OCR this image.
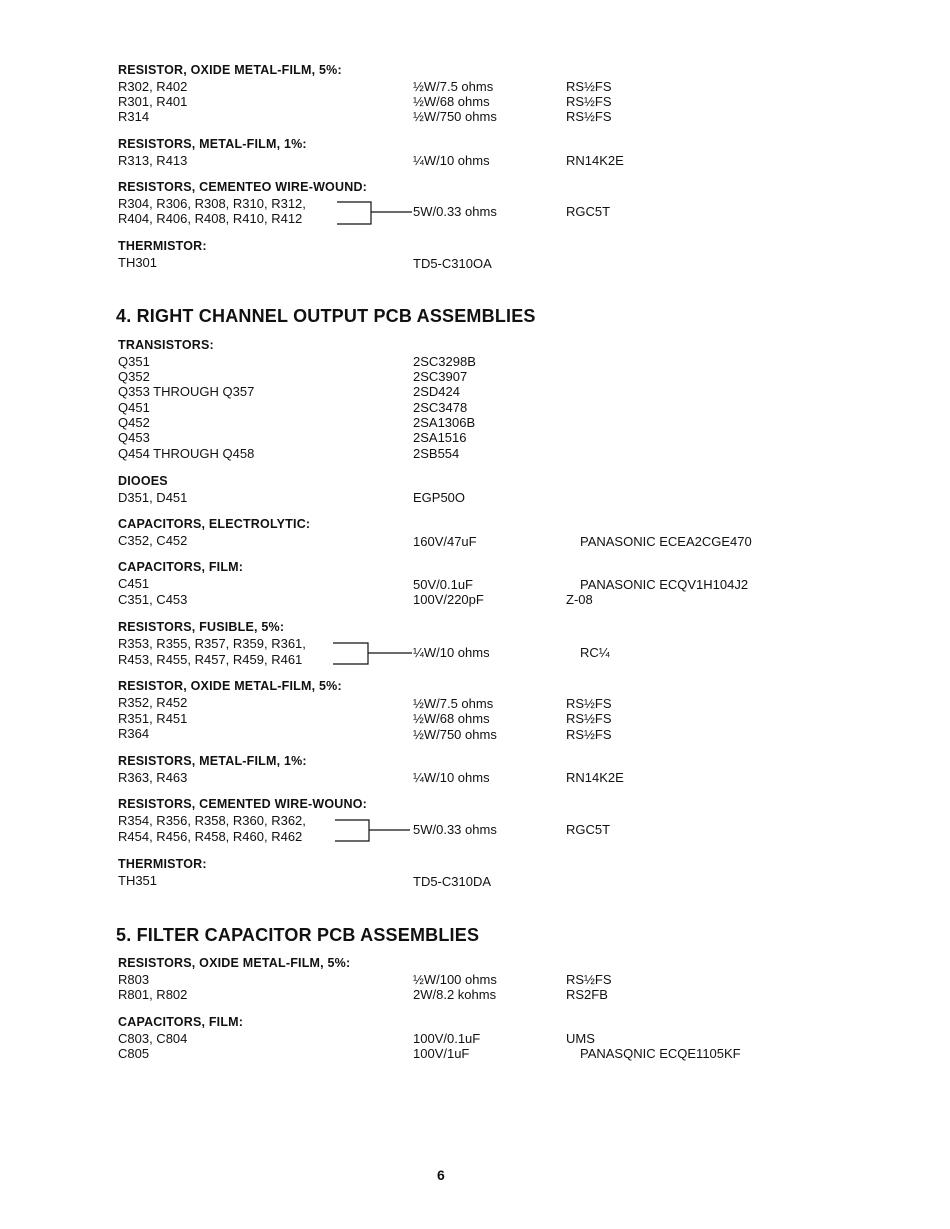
RESISTOR, OXIDE METAL-FILM, 5%:
R302, R402	½W/7.5 ohms	RS½FS
R301, R401	½W/68 ohms	RS½FS
R314	½W/750 ohms	RS½FS
RESISTORS, METAL-FILM, 1%:
R313, R413	¼W/10 ohms	RN14K2E
RESISTORS, CEMENTEO WIRE-WOUND:
R304, R306, R308, R310, R312,
R404, R406, R408, R410, R412	5W/0.33 ohms	RGC5T
THERMISTOR:
TH301	TD5-C310OA
4. RIGHT CHANNEL OUTPUT PCB ASSEMBLIES
TRANSISTORS:
Q351	2SC3298B
Q352	2SC3907
Q353 THROUGH Q357	2SD424
Q451	2SC3478
Q452	2SA1306B
Q453	2SA1516
Q454 THROUGH Q458	2SB554
DIOOES
D351, D451	EGP50O
CAPACITORS, ELECTROLYTIC:
C352, C452	160V/47uF	PANASONIC ECEA2CGE470
CAPACITORS, FILM:
C451	50V/0.1uF	PANASONIC ECQV1H104J2
C351, C453	100V/220pF	Z-08
RESISTORS, FUSIBLE, 5%:
R353, R355, R357, R359, R361,
R453, R455, R457, R459, R461	¼W/10 ohms	RC¼
RESISTOR, OXIDE METAL-FILM, 5%:
R352, R452	½W/7.5 ohms	RS½FS
R351, R451	½W/68 ohms	RS½FS
R364	½W/750 ohms	RS½FS
RESISTORS, METAL-FILM, 1%:
R363, R463	¼W/10 ohms	RN14K2E
RESISTORS, CEMENTED WIRE-WOUNO:
R354, R356, R358, R360, R362,
R454, R456, R458, R460, R462	5W/0.33 ohms	RGC5T
THERMISTOR:
TH351	TD5-C310DA
5. FILTER CAPACITOR PCB ASSEMBLIES
RESISTORS, OXIDE METAL-FILM, 5%:
R803	½W/100 ohms	RS½FS
R801, R802	2W/8.2 kohms	RS2FB
CAPACITORS, FILM:
C803, C804	100V/0.1uF	UMS
C805	100V/1uF	PANASQNIC ECQE1105KF
6
